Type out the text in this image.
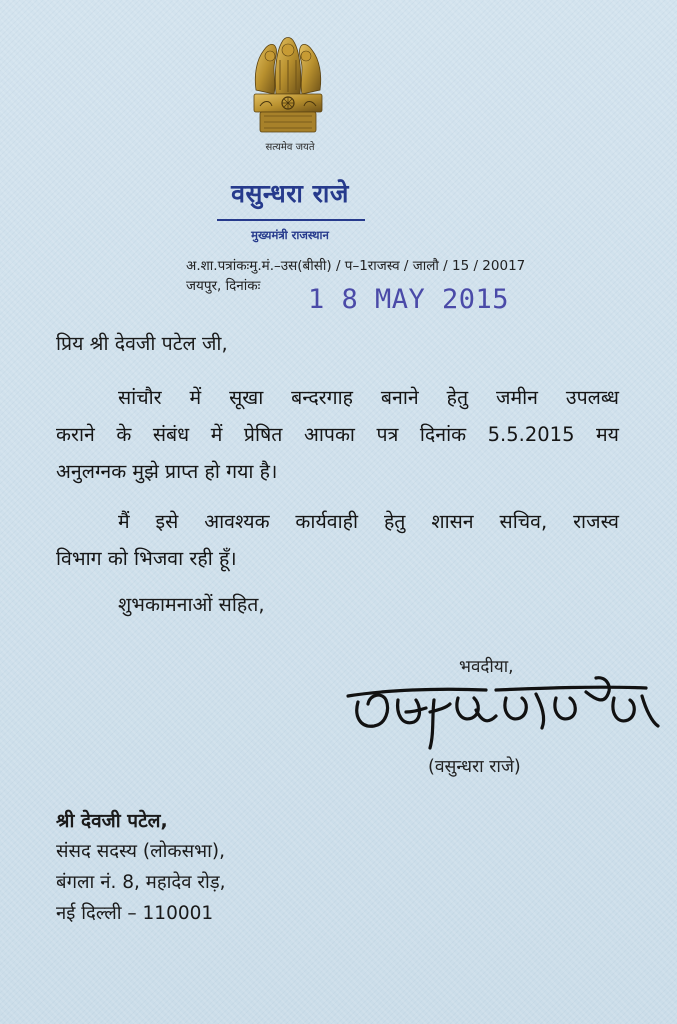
सत्यमेव जयते
वसुन्धरा राजे
मुख्यमंत्री राजस्थान
अ.शा.पत्रांकःमु.मं.–उस(बीसी) / प–1राजस्व / जालौ / 15 / 20017
जयपुर, दिनांकः 1 8 MAY 2015
प्रिय श्री देवजी पटेल जी,
सांचौर में सूखा बन्दरगाह बनाने हेतु जमीन उपलब्ध
कराने के संबंध में प्रेषित आपका पत्र दिनांक 5.5.2015 मय
अनुलग्नक मुझे प्राप्त हो गया है।
मैं इसे आवश्यक कार्यवाही हेतु शासन सचिव, राजस्व
विभाग को भिजवा रही हूँ।
शुभकामनाओं सहित,
भवदीया,
(वसुन्धरा राजे)
श्री देवजी पटेल,
संसद सदस्य (लोकसभा),
बंगला नं. 8, महादेव रोड़,
नई दिल्ली – 110001
